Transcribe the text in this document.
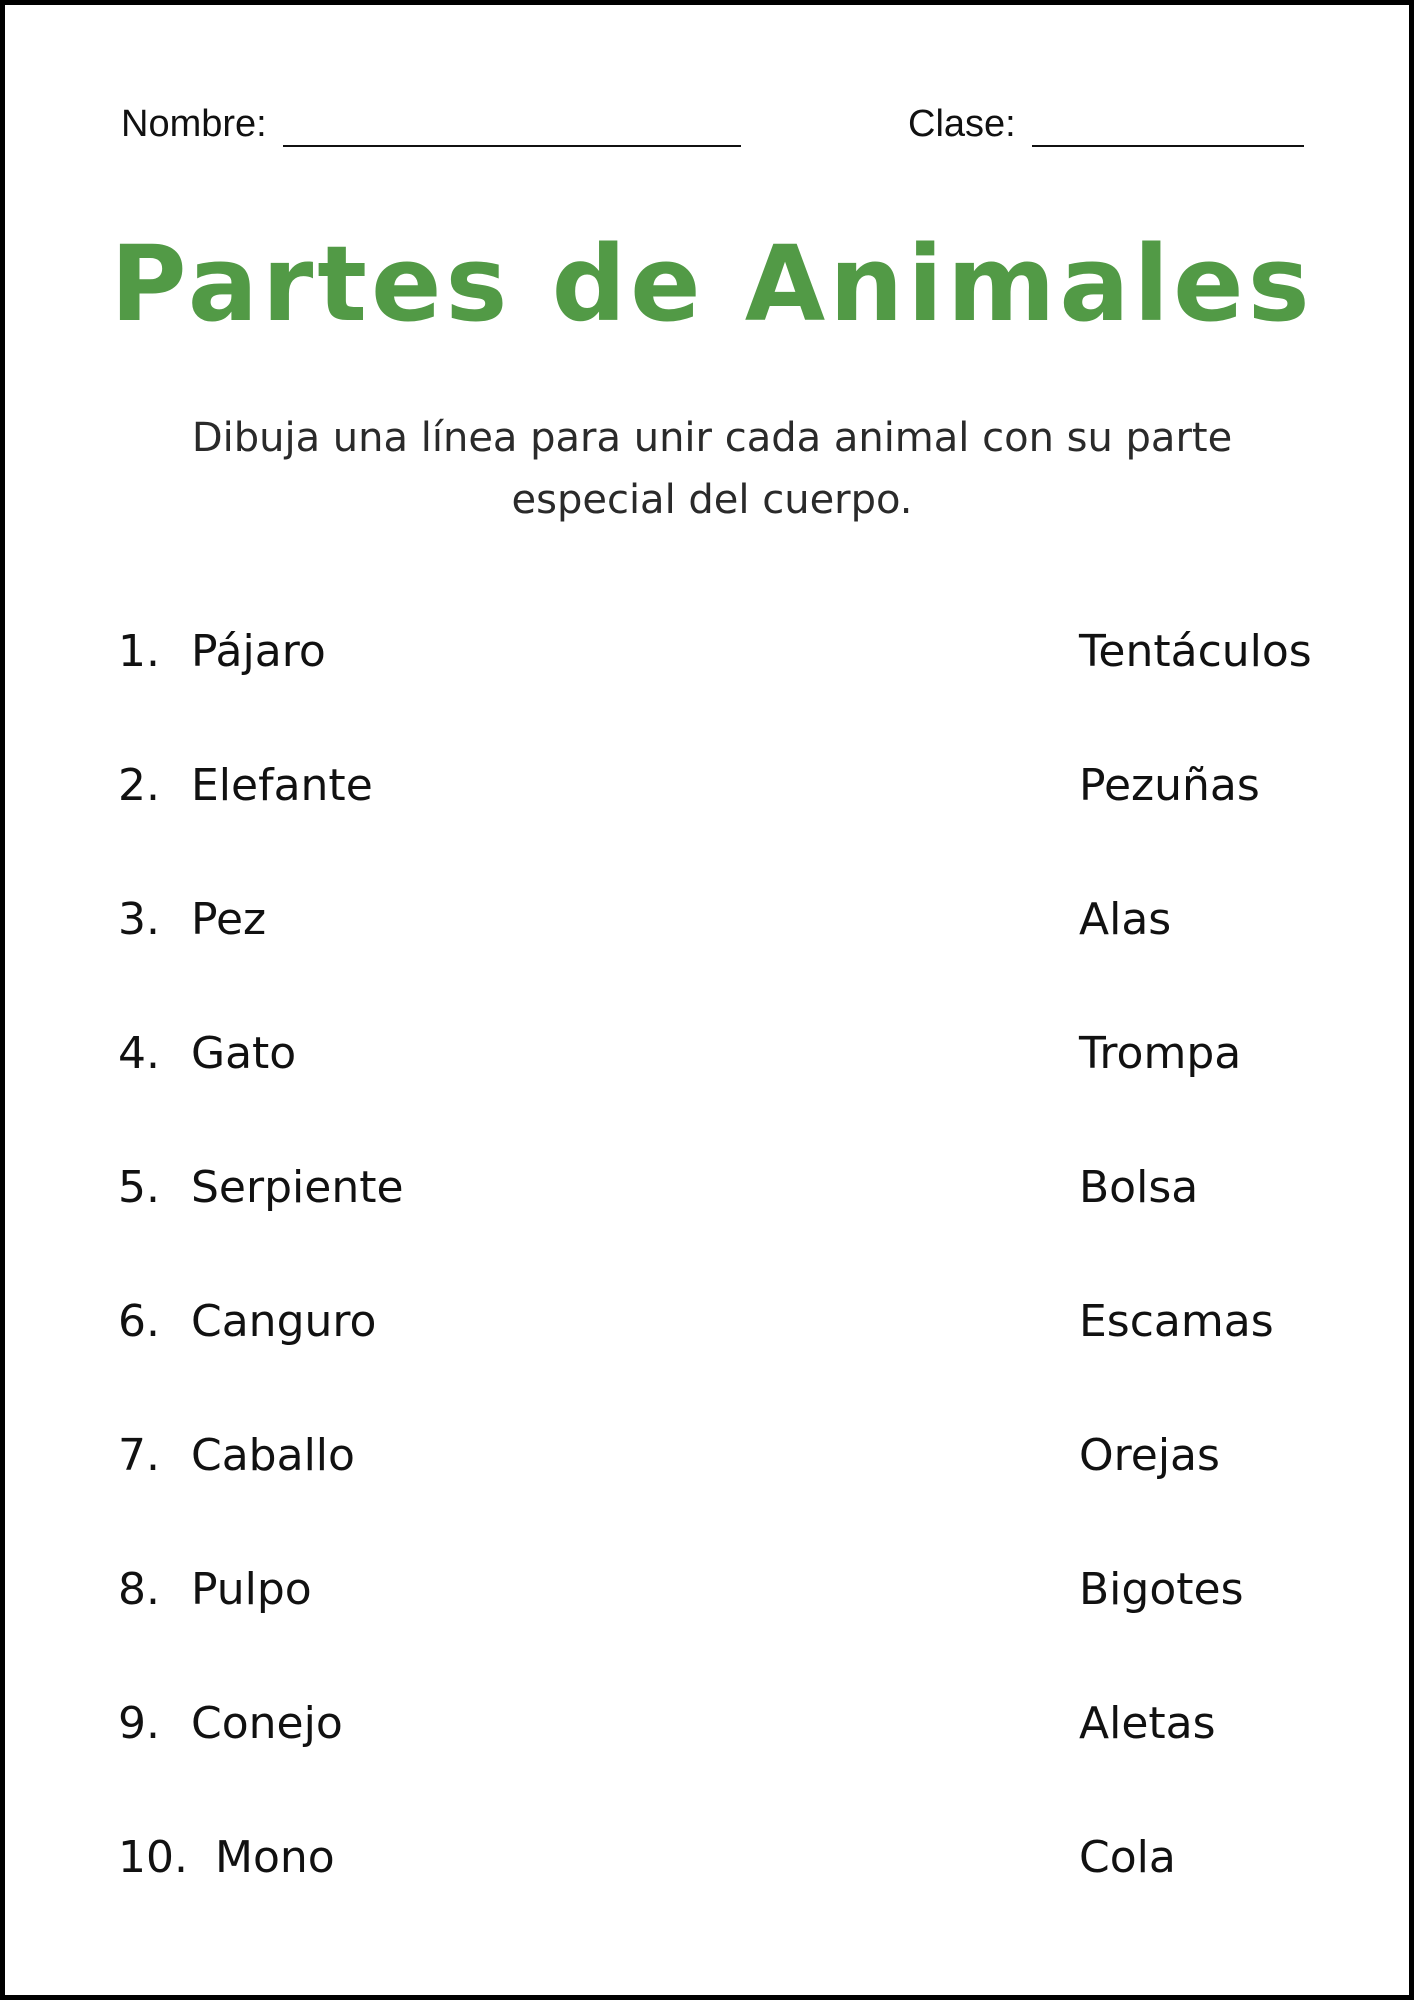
Nombre:	Clase:
Partes de Animales
Dibuja una línea para unir cada animal con su parte especial del cuerpo.
1. Pájaro	Tentáculos
2. Elefante	Pezuñas
3. Pez	Alas
4. Gato	Trompa
5. Serpiente	Bolsa
6. Canguro	Escamas
7. Caballo	Orejas
8. Pulpo	Bigotes
9. Conejo	Aletas
10. Mono	Cola
